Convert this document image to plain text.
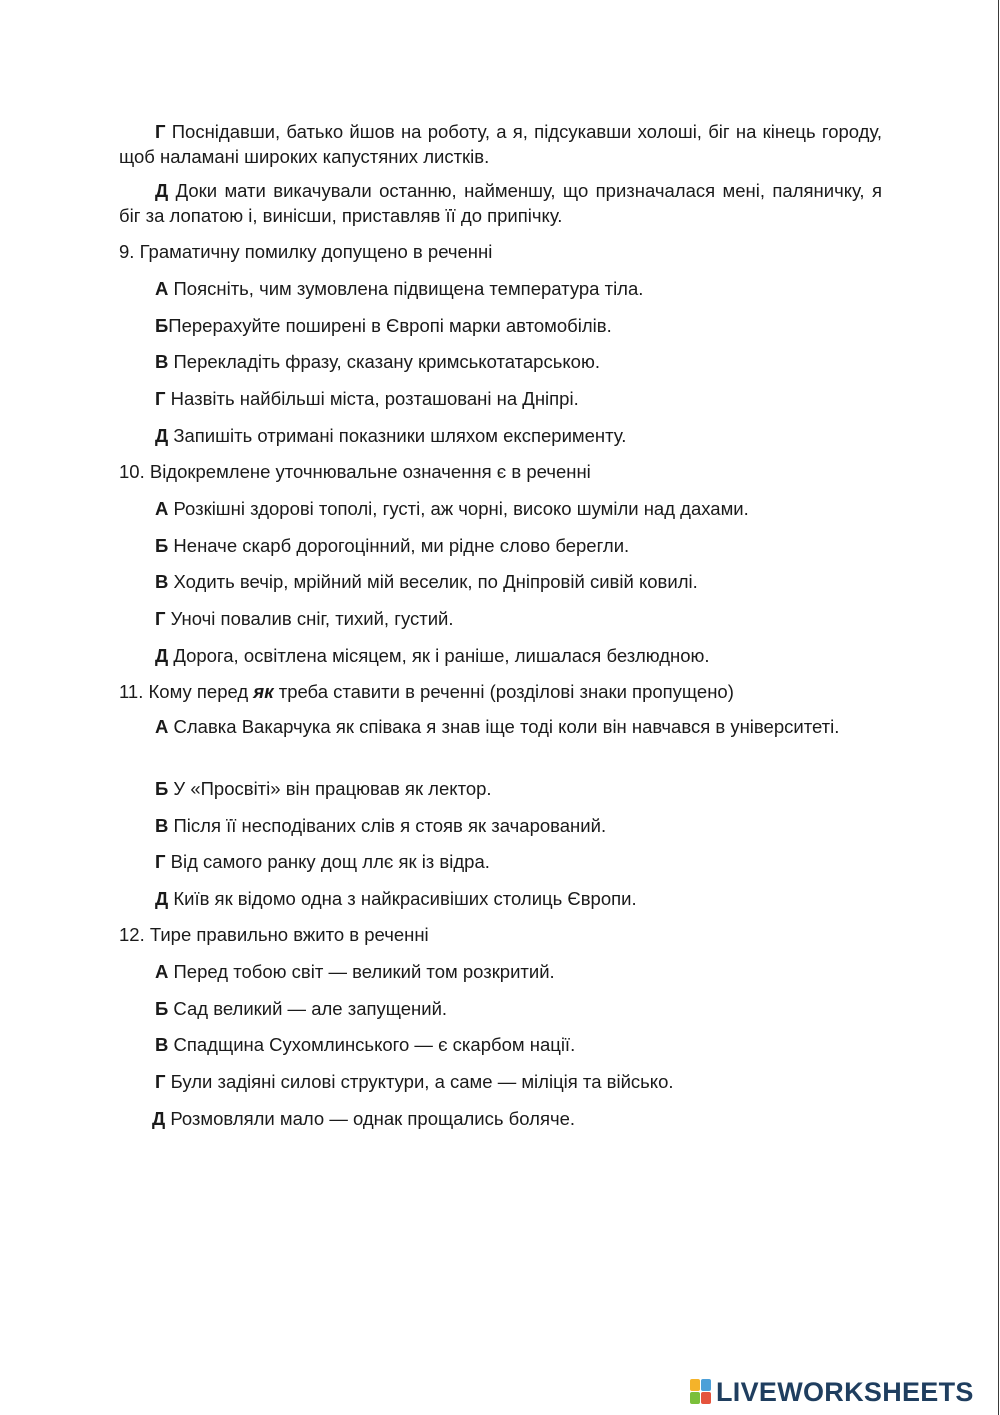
Г Поснідавши, батько йшов на роботу, а я, підсукавши холоші, біг на кінець городу, щоб наламані широких капустяних листків.
Д Доки мати викачували останню, найменшу, що призначалася мені, паляничку, я біг за лопатою і, винісши, приставляв її до припічку.
9. Граматичну помилку допущено в реченні
А Поясніть, чим зумовлена підвищена температура тіла.
БПерерахуйте поширені в Європі марки автомобілів.
В Перекладіть фразу, сказану кримськотатарською.
Г Назвіть найбільші міста, розташовані на Дніпрі.
Д Запишіть отримані показники шляхом експерименту.
10. Відокремлене уточнювальне означення є в реченні
А Розкішні здорові тополі, густі, аж чорні, високо шуміли над дахами.
Б Неначе скарб дорогоцінний, ми рідне слово берегли.
В Ходить вечір, мрійний мій веселик, по Дніпровій сивій ковилі.
Г Уночі повалив сніг, тихий, густий.
Д Дорога, освітлена місяцем, як і раніше, лишалася безлюдною.
11. Кому перед як треба ставити в реченні (розділові знаки пропущено)
А Славка Вакарчука як співака я знав іще тоді коли він навчався в університеті.
Б У «Просвіті» він працював як лектор.
В Після її несподіваних слів я стояв як зачарований.
Г Від самого ранку дощ ллє як із відра.
Д Київ як відомо одна з найкрасивіших столиць Європи.
12. Тире правильно вжито в реченні
А Перед тобою світ — великий том розкритий.
Б Сад великий — але запущений.
В Спадщина Сухомлинського — є скарбом нації.
Г Були задіяні силові структури, а саме — міліція та військо.
Д Розмовляли мало — однак прощались боляче.
LIVEWORKSHEETS
